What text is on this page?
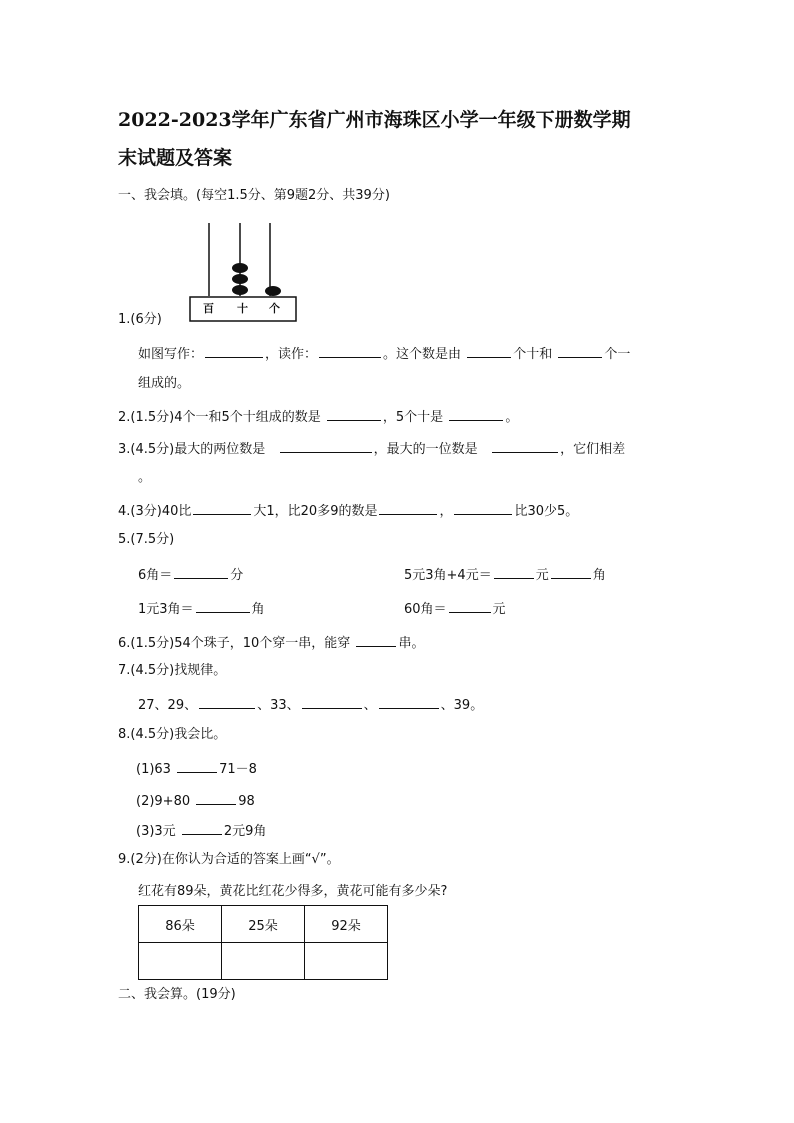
2022-2023学年广东省广州市海珠区小学一年级下册数学期
末试题及答案
一、我会填。(每空1.5分、第9题2分、共39分)
百 十 个
1.(6分)
如图写作：	，读作：	。这个数是由	个十和	个一
组成的。
2.(1.5分)4个一和5个十组成的数是	，5个十是	。
3.(4.5分)最大的两位数是	，最大的一位数是	，它们相差
。
4.(3分)40比	大1，比20多9的数是	，	比30少5。
5.(7.5分)
6角＝	分	5元3角+4元＝	元	角
1元3角＝	角	60角＝	元
6.(1.5分)54个珠子，10个穿一串，能穿	串。
7.(4.5分)找规律。
27、29、	、33、	、	、39。
8.(4.5分)我会比。
(1)63	71－8
(2)9+80	98
(3)3元	2元9角
9.(2分)在你认为合适的答案上画“√”。
红花有89朵，黄花比红花少得多，黄花可能有多少朵?
86朵	25朵	92朵

二、我会算。(19分)
